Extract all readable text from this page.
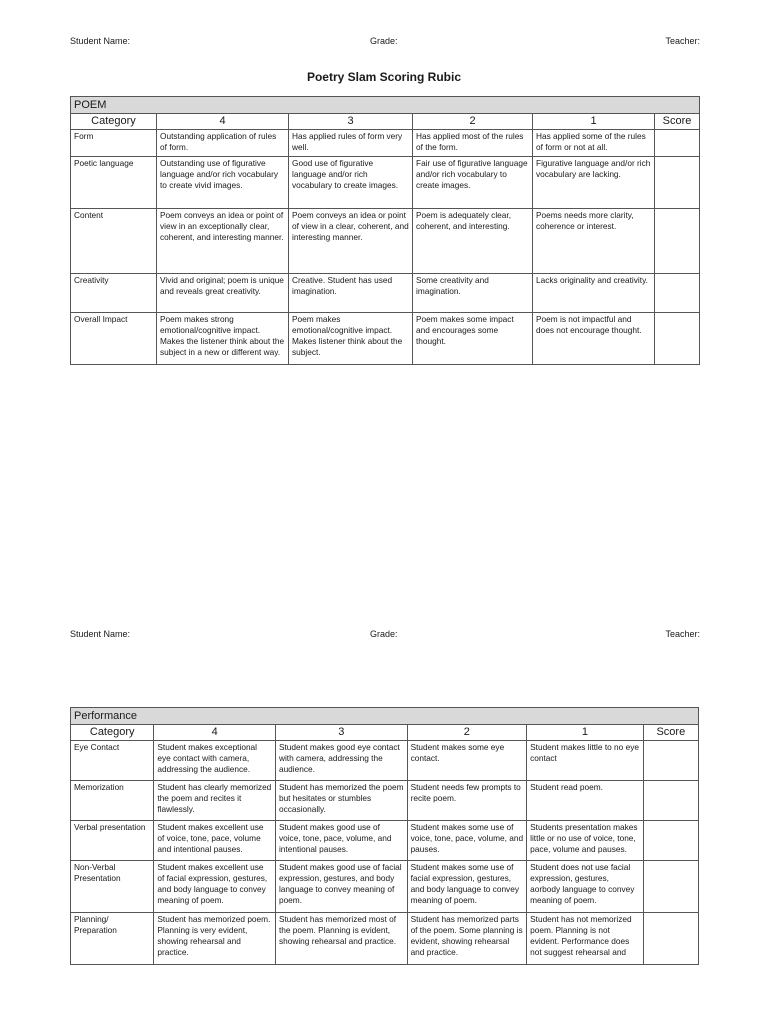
Student Name:	Grade:	Teacher:
Poetry Slam Scoring Rubic
POEM					
Category	4	3	2	1	Score
Form	Outstanding application of rules of form.	Has applied rules of form very well.	Has applied most of the rules of the form.	Has applied some of the rules of form or not at all.	
Poetic language	Outstanding use of figurative language and/or rich vocabulary to create vivid images.	Good use of figurative language and/or rich vocabulary to create images.	Fair use of figurative language and/or rich vocabulary to create images.	Figurative language and/or rich vocabulary are lacking.	
Content	Poem conveys an idea or point of view in an exceptionally clear, coherent, and interesting manner.	Poem conveys an idea or point of view in a clear, coherent, and interesting manner.	Poem is adequately clear, coherent, and interesting.	Poems needs more clarity, coherence or interest.	
Creativity	Vivid and original; poem is unique and reveals great creativity.	Creative. Student has used imagination.	Some creativity and imagination.	Lacks originality and creativity.	
Overall Impact	Poem makes strong emotional/cognitive impact. Makes the listener think about the subject in a new or different way.	Poem makes emotional/cognitive impact. Makes listener think about the subject.	Poem makes some impact and encourages some thought.	Poem is not impactful and does not encourage thought.	
Student Name:	Grade:	Teacher:
Performance					
Category	4	3	2	1	Score
Eye Contact	Student makes exceptional eye contact with camera, addressing the audience.	Student makes good eye contact with camera, addressing the audience.	Student makes some eye contact.	Student makes little to no eye contact	
Memorization	Student has clearly memorized the poem and recites it flawlessly.	Student has memorized the poem but hesitates or stumbles occasionally.	Student needs few prompts to recite poem.	Student read poem.	
Verbal presentation	Student makes excellent use of voice, tone, pace, volume and intentional pauses.	Student makes good use of voice, tone, pace, volume, and intentional pauses.	Student makes some use of voice, tone, pace, volume, and pauses.	Students presentation makes little or no use of voice, tone, pace, volume and pauses.	
Non-Verbal Presentation	Student makes excellent use of facial expression, gestures, and body language to convey meaning of poem.	Student makes good use of facial expression, gestures, and body language to convey meaning of poem.	Student makes some use of facial expression, gestures, and body language to convey meaning of poem.	Student does not use facial expression, gestures, aorbody language to convey meaning of poem.	
Planning/ Preparation	Student has memorized poem. Planning is very evident, showing rehearsal and practice.	Student has memorized most of the poem. Planning is evident, showing rehearsal and practice.	Student has memorized parts of the poem. Some planning is evident, showing rehearsal and practice.	Student has not memorized poem. Planning is not evident. Performance does not suggest rehearsal and	
